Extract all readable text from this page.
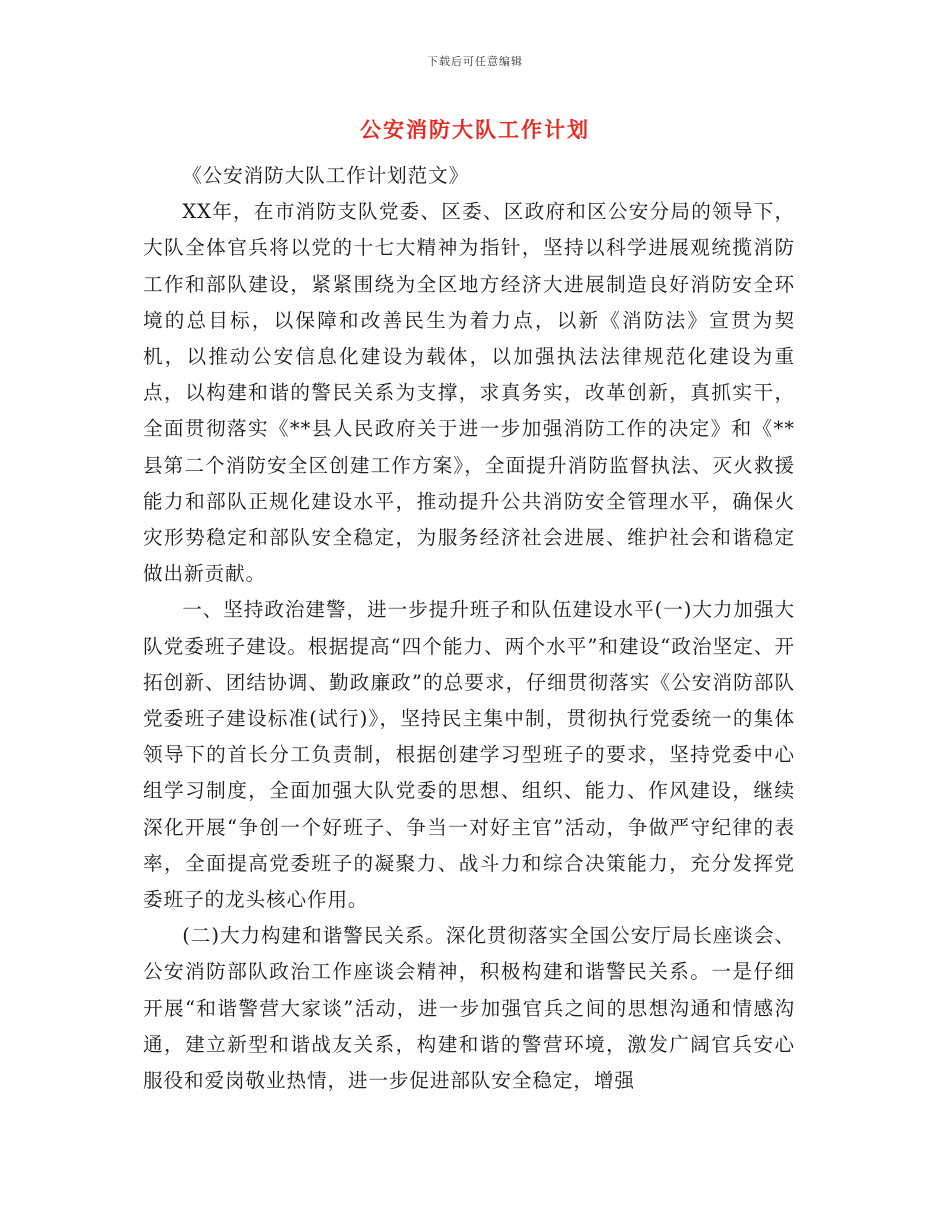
下载后可任意编辑
公安消防大队工作计划

《公安消防大队工作计划范文》

XX年，在市消防支队党委、区委、区政府和区公安分局的领导下，大队全体官兵将以党的十七大精神为指针，坚持以科学进展观统揽消防工作和部队建设，紧紧围绕为全区地方经济大进展制造良好消防安全环境的总目标，以保障和改善民生为着力点，以新《消防法》宣贯为契机，以推动公安信息化建设为载体，以加强执法法律规范化建设为重点，以构建和谐的警民关系为支撑，求真务实，改革创新，真抓实干，全面贯彻落实《**县人民政府关于进一步加强消防工作的决定》和《**县第二个消防安全区创建工作方案》，全面提升消防监督执法、灭火救援能力和部队正规化建设水平，推动提升公共消防安全管理水平，确保火灾形势稳定和部队安全稳定，为服务经济社会进展、维护社会和谐稳定做出新贡献。

一、坚持政治建警，进一步提升班子和队伍建设水平(一)大力加强大队党委班子建设。根据提高“四个能力、两个水平”和建设“政治坚定、开拓创新、团结协调、勤政廉政”的总要求，仔细贯彻落实《公安消防部队党委班子建设标准(试行)》，坚持民主集中制，贯彻执行党委统一的集体领导下的首长分工负责制，根据创建学习型班子的要求，坚持党委中心组学习制度，全面加强大队党委的思想、组织、能力、作风建设，继续深化开展“争创一个好班子、争当一对好主官”活动，争做严守纪律的表率，全面提高党委班子的凝聚力、战斗力和综合决策能力，充分发挥党委班子的龙头核心作用。

(二)大力构建和谐警民关系。深化贯彻落实全国公安厅局长座谈会、公安消防部队政治工作座谈会精神，积极构建和谐警民关系。一是仔细开展“和谐警营大家谈”活动，进一步加强官兵之间的思想沟通和情感沟通，建立新型和谐战友关系，构建和谐的警营环境，激发广阔官兵安心服役和爱岗敬业热情，进一步促进部队安全稳定，增强
